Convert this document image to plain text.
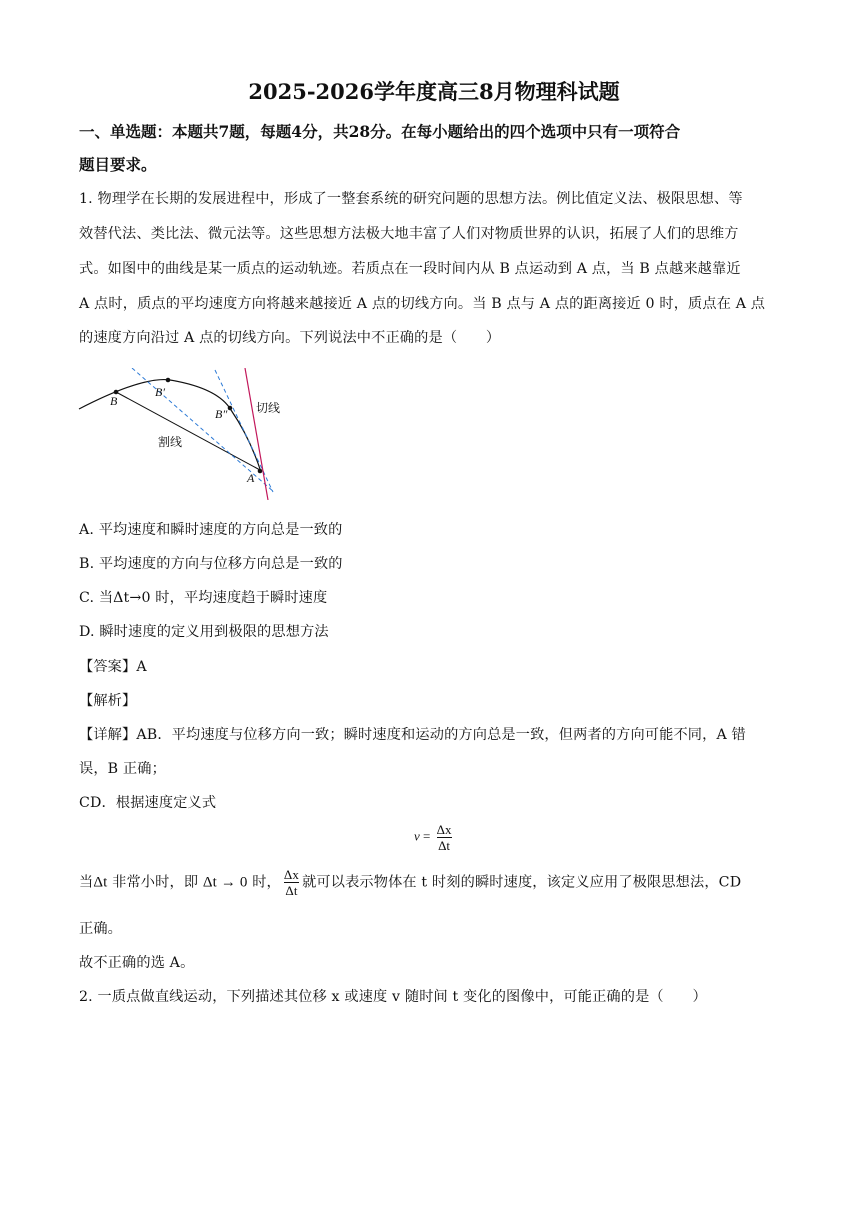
2025-2026学年度高三8月物理科试题
一、单选题：本题共7题，每题4分，共28分。在每小题给出的四个选项中只有一项符合
题目要求。
1. 物理学在长期的发展进程中，形成了一整套系统的研究问题的思想方法。例比值定义法、极限思想、等
效替代法、类比法、微元法等。这些思想方法极大地丰富了人们对物质世界的认识，拓展了人们的思维方
式。如图中的曲线是某一质点的运动轨迹。若质点在一段时间内从 B 点运动到 A 点，当 B 点越来越靠近
A 点时，质点的平均速度方向将越来越接近 A 点的切线方向。当 B 点与 A 点的距离接近 0 时，质点在 A 点
的速度方向沿过 A 点的切线方向。下列说法中不正确的是（　　）
B
B′
B″
A
切线
割线
A. 平均速度和瞬时速度的方向总是一致的
B. 平均速度的方向与位移方向总是一致的
C. 当Δt→0 时，平均速度趋于瞬时速度
D. 瞬时速度的定义用到极限的思想方法
【答案】A
【解析】
【详解】AB．平均速度与位移方向一致；瞬时速度和运动的方向总是一致，但两者的方向可能不同，A 错
误，B 正确；
CD．根据速度定义式
$v = \frac{\Delta x}{\Delta t}$
当Δt 非常小时，即 Δt → 0 时， $\frac{\Delta x}{\Delta t}$ 就可以表示物体在 t 时刻的瞬时速度，该定义应用了极限思想法，CD
正确。
故不正确的选 A。
2. 一质点做直线运动，下列描述其位移 x 或速度 v 随时间 t 变化的图像中，可能正确的是（　　）
